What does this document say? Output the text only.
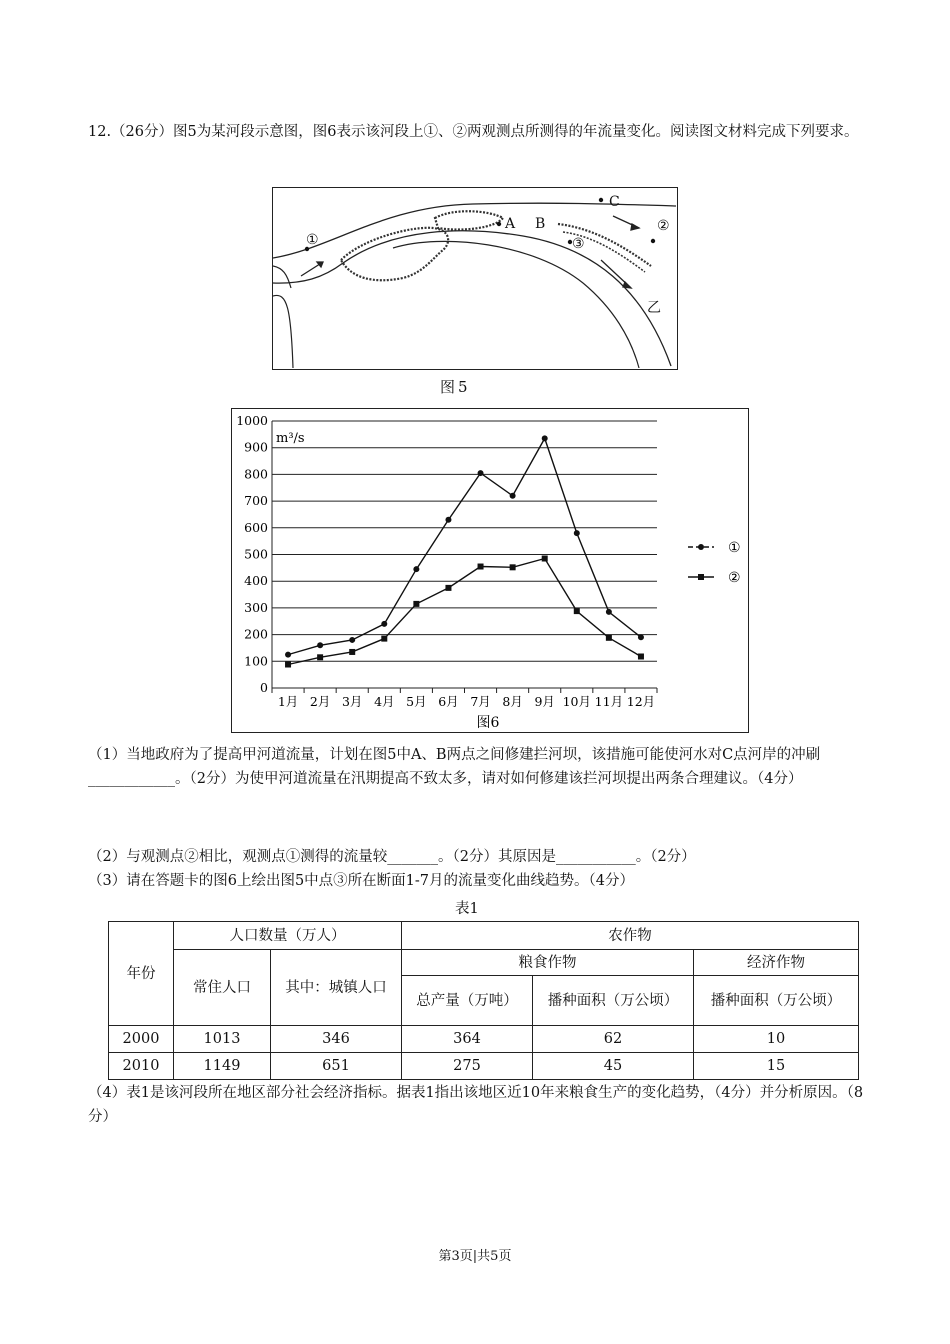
12.（26分）图5为某河段示意图，图6表示该河段上①、②两观测点所测得的年流量变化。阅读图文材料完成下列要求。
①
A B
C
③
②
乙
图5
0
100
200
300
400
500
600
700
800
900
1000
1月 2月 3月 4月 5月 6月 7月 8月 9月 10月 11月 12月
①
②
m³/s
图6
（1）当地政府为了提高甲河道流量，计划在图5中A、B两点之间修建拦河坝，该措施可能使河水对C点河岸的冲刷____________。（2分）为使甲河道流量在汛期提高不致太多，请对如何修建该拦河坝提出两条合理建议。（4分）
（2）与观测点②相比，观测点①测得的流量较_______。（2分）其原因是___________。（2分）
（3）请在答题卡的图6上绘出图5中点③所在断面1-7月的流量变化曲线趋势。（4分）
表1
年份	人口数量（万人）		农作物		
	常住人口	其中：城镇人口	粮食作物		经济作物
			总产量（万吨）	播种面积（万公顷）	播种面积（万公顷）
2000	1013	346	364	62	10
2010	1149	651	275	45	15
（4）表1是该河段所在地区部分社会经济指标。据表1指出该地区近10年来粮食生产的变化趋势，（4分）并分析原因。（8分）
第3页|共5页
